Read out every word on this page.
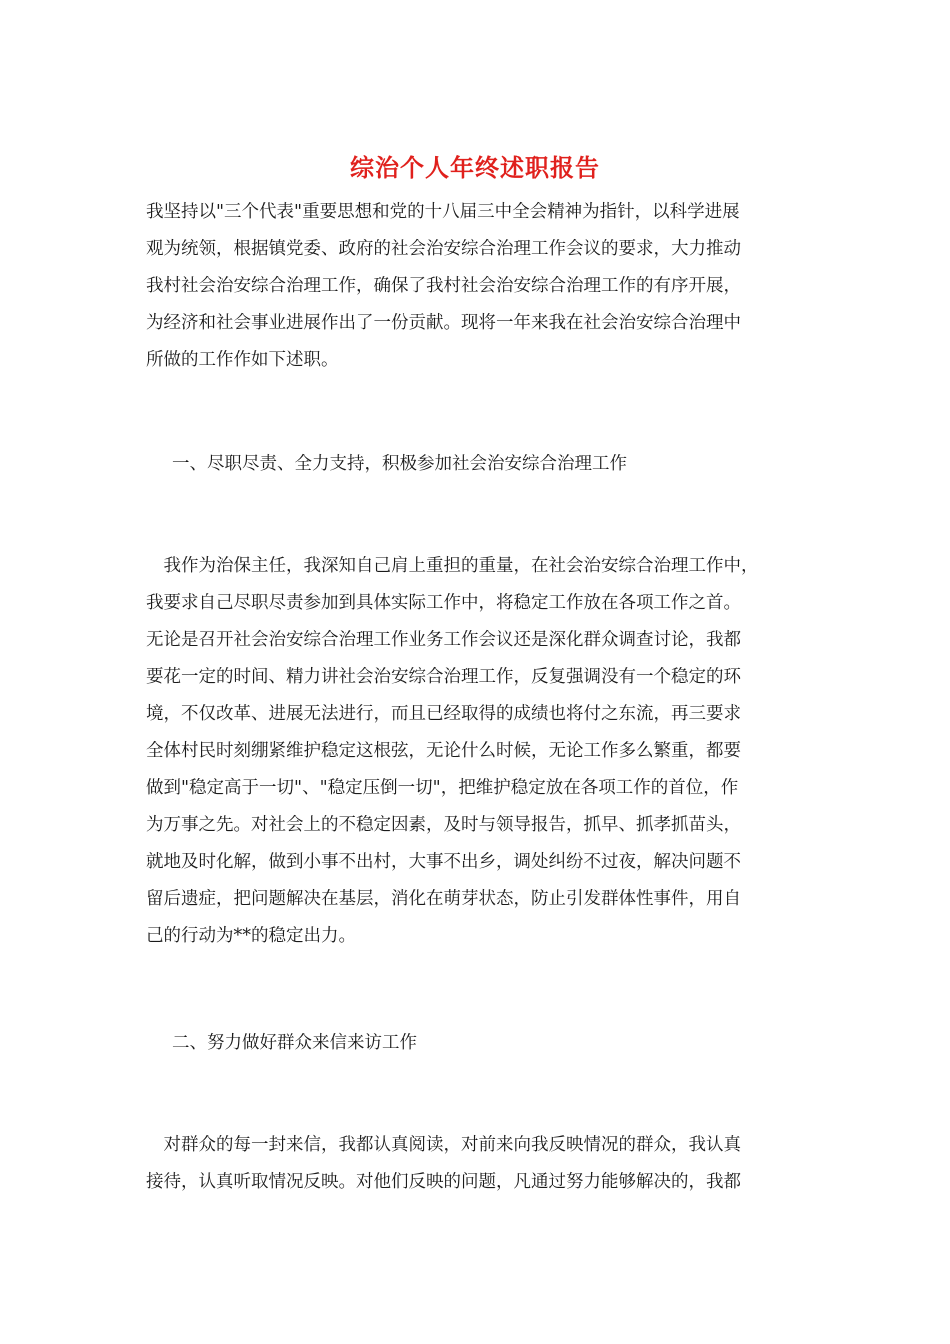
综治个人年终述职报告

我坚持以"三个代表"重要思想和党的十八届三中全会精神为指针，以科学进展
观为统领，根据镇党委、政府的社会治安综合治理工作会议的要求，大力推动
我村社会治安综合治理工作，确保了我村社会治安综合治理工作的有序开展，
为经济和社会事业进展作出了一份贡献。现将一年来我在社会治安综合治理中
所做的工作作如下述职。

一、尽职尽责、全力支持，积极参加社会治安综合治理工作

　我作为治保主任，我深知自己肩上重担的重量，在社会治安综合治理工作中，
我要求自己尽职尽责参加到具体实际工作中，将稳定工作放在各项工作之首。
无论是召开社会治安综合治理工作业务工作会议还是深化群众调查讨论，我都
要花一定的时间、精力讲社会治安综合治理工作，反复强调没有一个稳定的环
境，不仅改革、进展无法进行，而且已经取得的成绩也将付之东流，再三要求
全体村民时刻绷紧维护稳定这根弦，无论什么时候，无论工作多么繁重，都要
做到"稳定高于一切"、"稳定压倒一切"，把维护稳定放在各项工作的首位，作
为万事之先。对社会上的不稳定因素，及时与领导报告，抓早、抓孝抓苗头，
就地及时化解，做到小事不出村，大事不出乡，调处纠纷不过夜，解决问题不
留后遗症，把问题解决在基层，消化在萌芽状态，防止引发群体性事件，用自
己的行动为**的稳定出力。

二、努力做好群众来信来访工作

　对群众的每一封来信，我都认真阅读，对前来向我反映情况的群众，我认真
接待，认真听取情况反映。对他们反映的问题，凡通过努力能够解决的，我都
